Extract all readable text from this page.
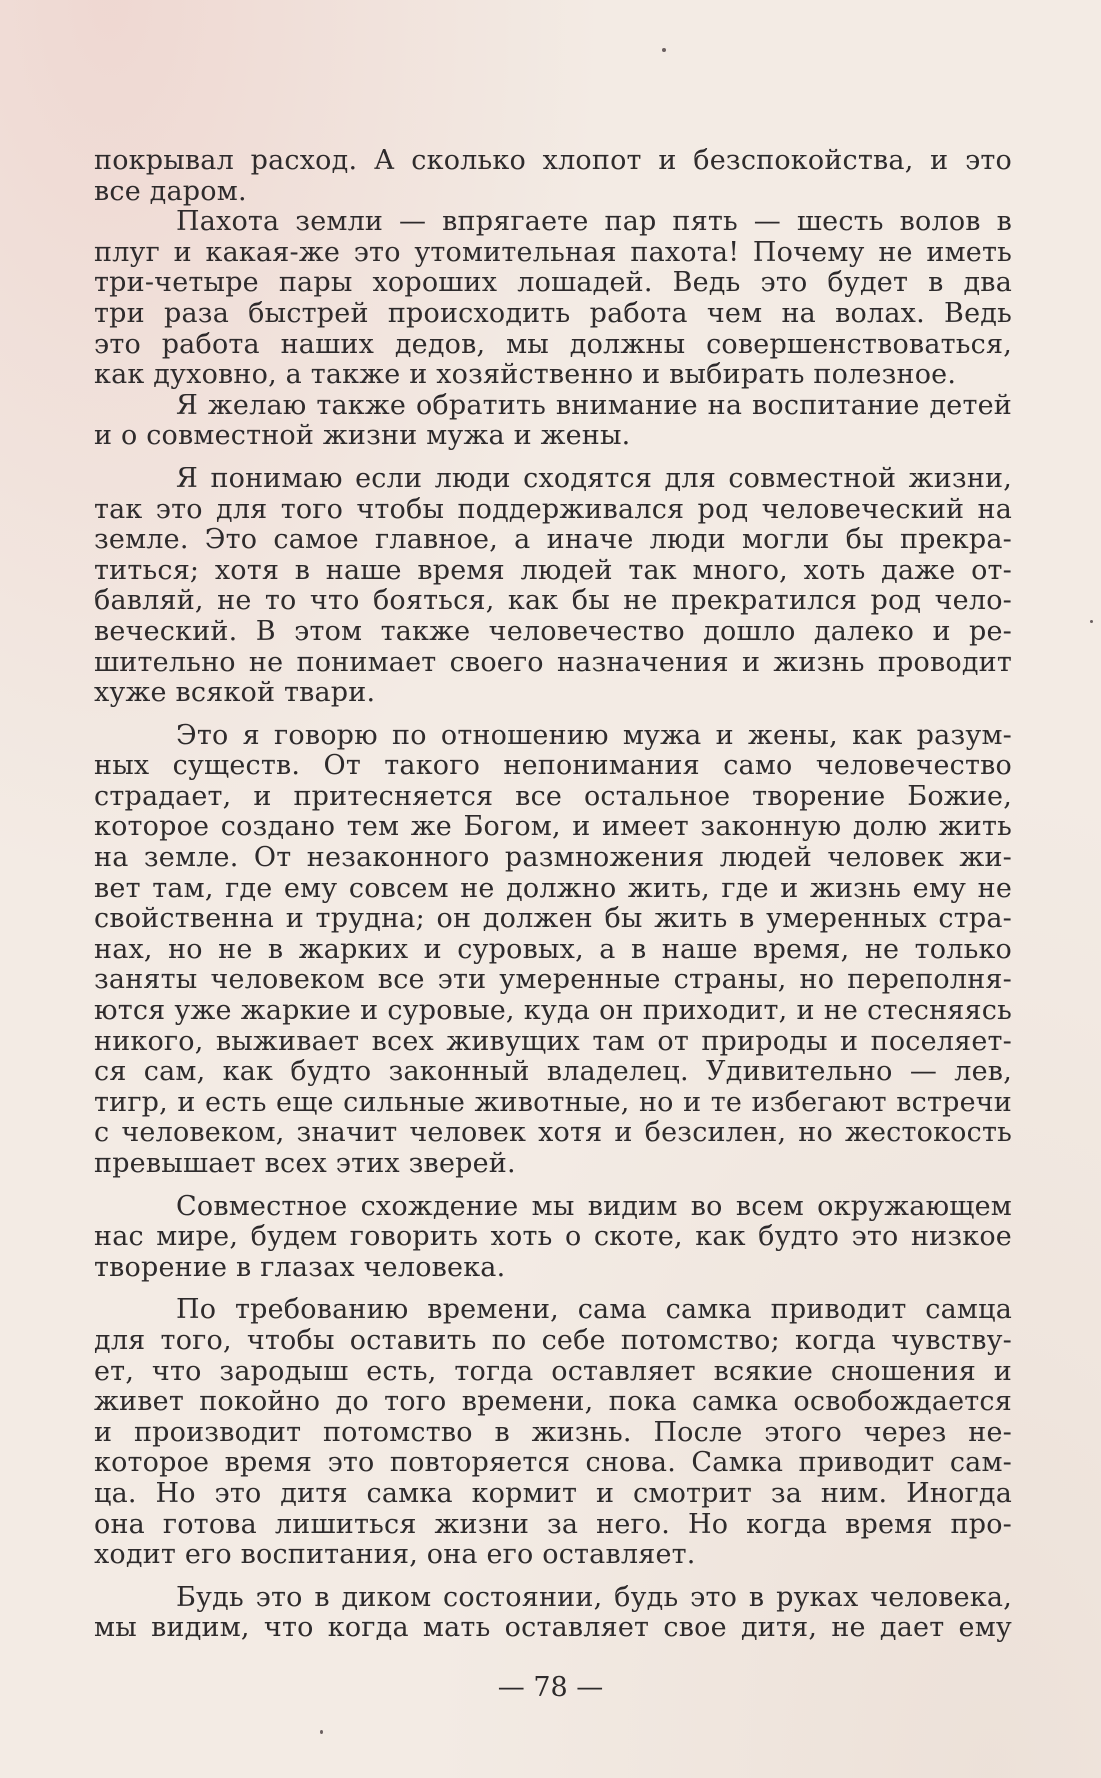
покрывал расход. А сколько хлопот и безспокойства, и это
все даром.

Пахота земли — впрягаете пар пять — шесть волов в
плуг и какая-же это утомительная пахота! Почему не иметь
три-четыре пары хороших лошадей. Ведь это будет в два
три раза быстрей происходить работа чем на волах. Ведь
это работа наших дедов, мы должны совершенствоваться,
как духовно, а также и хозяйственно и выбирать полезное.

Я желаю также обратить внимание на воспитание детей
и о совместной жизни мужа и жены.

Я понимаю если люди сходятся для совместной жизни,
так это для того чтобы поддерживался род человеческий на
земле. Это самое главное, а иначе люди могли бы прекра-
титься; хотя в наше время людей так много, хоть даже от-
бавляй, не то что бояться, как бы не прекратился род чело-
веческий. В этом также человечество дошло далеко и ре-
шительно не понимает своего назначения и жизнь проводит
хуже всякой твари.

Это я говорю по отношению мужа и жены, как разум-
ных существ. От такого непонимания само человечество
страдает, и притесняется все остальное творение Божие,
которое создано тем же Богом, и имеет законную долю жить
на земле. От незаконного размножения людей человек жи-
вет там, где ему совсем не должно жить, где и жизнь ему не
свойственна и трудна; он должен бы жить в умеренных стра-
нах, но не в жарких и суровых, а в наше время, не только
заняты человеком все эти умеренные страны, но переполня-
ются уже жаркие и суровые, куда он приходит, и не стесняясь
никого, выживает всех живущих там от природы и поселяет-
ся сам, как будто законный владелец. Удивительно — лев,
тигр, и есть еще сильные животные, но и те избегают встречи
с человеком, значит человек хотя и безсилен, но жестокость
превышает всех этих зверей.

Совместное схождение мы видим во всем окружающем
нас мире, будем говорить хоть о скоте, как будто это низкое
творение в глазах человека.

По требованию времени, сама самка приводит самца
для того, чтобы оставить по себе потомство; когда чувству-
ет, что зародыш есть, тогда оставляет всякие сношения и
живет покойно до того времени, пока самка освобождается
и производит потомство в жизнь. После этого через не-
которое время это повторяется снова. Самка приводит сам-
ца. Но это дитя самка кормит и смотрит за ним. Иногда
она готова лишиться жизни за него. Но когда время про-
ходит его воспитания, она его оставляет.

Будь это в диком состоянии, будь это в руках человека,
мы видим, что когда мать оставляет свое дитя, не дает ему

— 78 —
